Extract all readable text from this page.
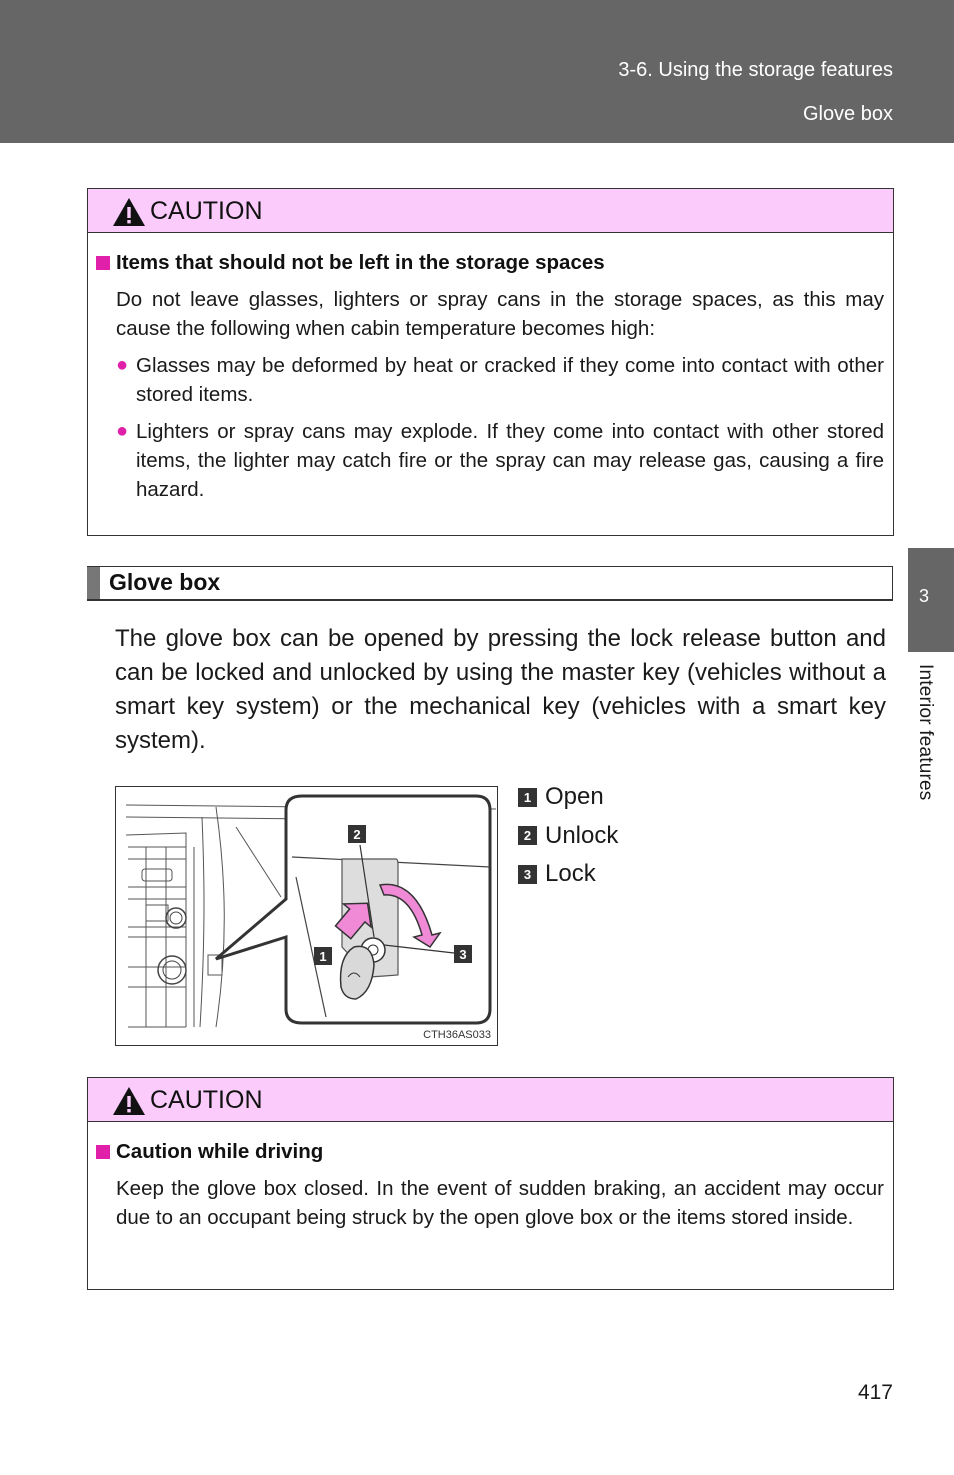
3-6. Using the storage features
Glove box
3
Interior features
CAUTION
Items that should not be left in the storage spaces
Do not leave glasses, lighters or spray cans in the storage spaces, as this may cause the following when cabin temperature becomes high:
● Glasses may be deformed by heat or cracked if they come into contact with other stored items.
● Lighters or spray cans may explode. If they come into contact with other stored items, the lighter may catch fire or the spray can may release gas, causing a fire hazard.
Glove box
The glove box can be opened by pressing the lock release button and can be locked and unlocked by using the master key (vehicles without a smart key system) or the mechanical key (vehicles with a smart key system).
2
1	3
CTH36AS033
1 Open
2 Unlock
3 Lock
CAUTION
Caution while driving
Keep the glove box closed. In the event of sudden braking, an accident may occur due to an occupant being struck by the open glove box or the items stored inside.
417
